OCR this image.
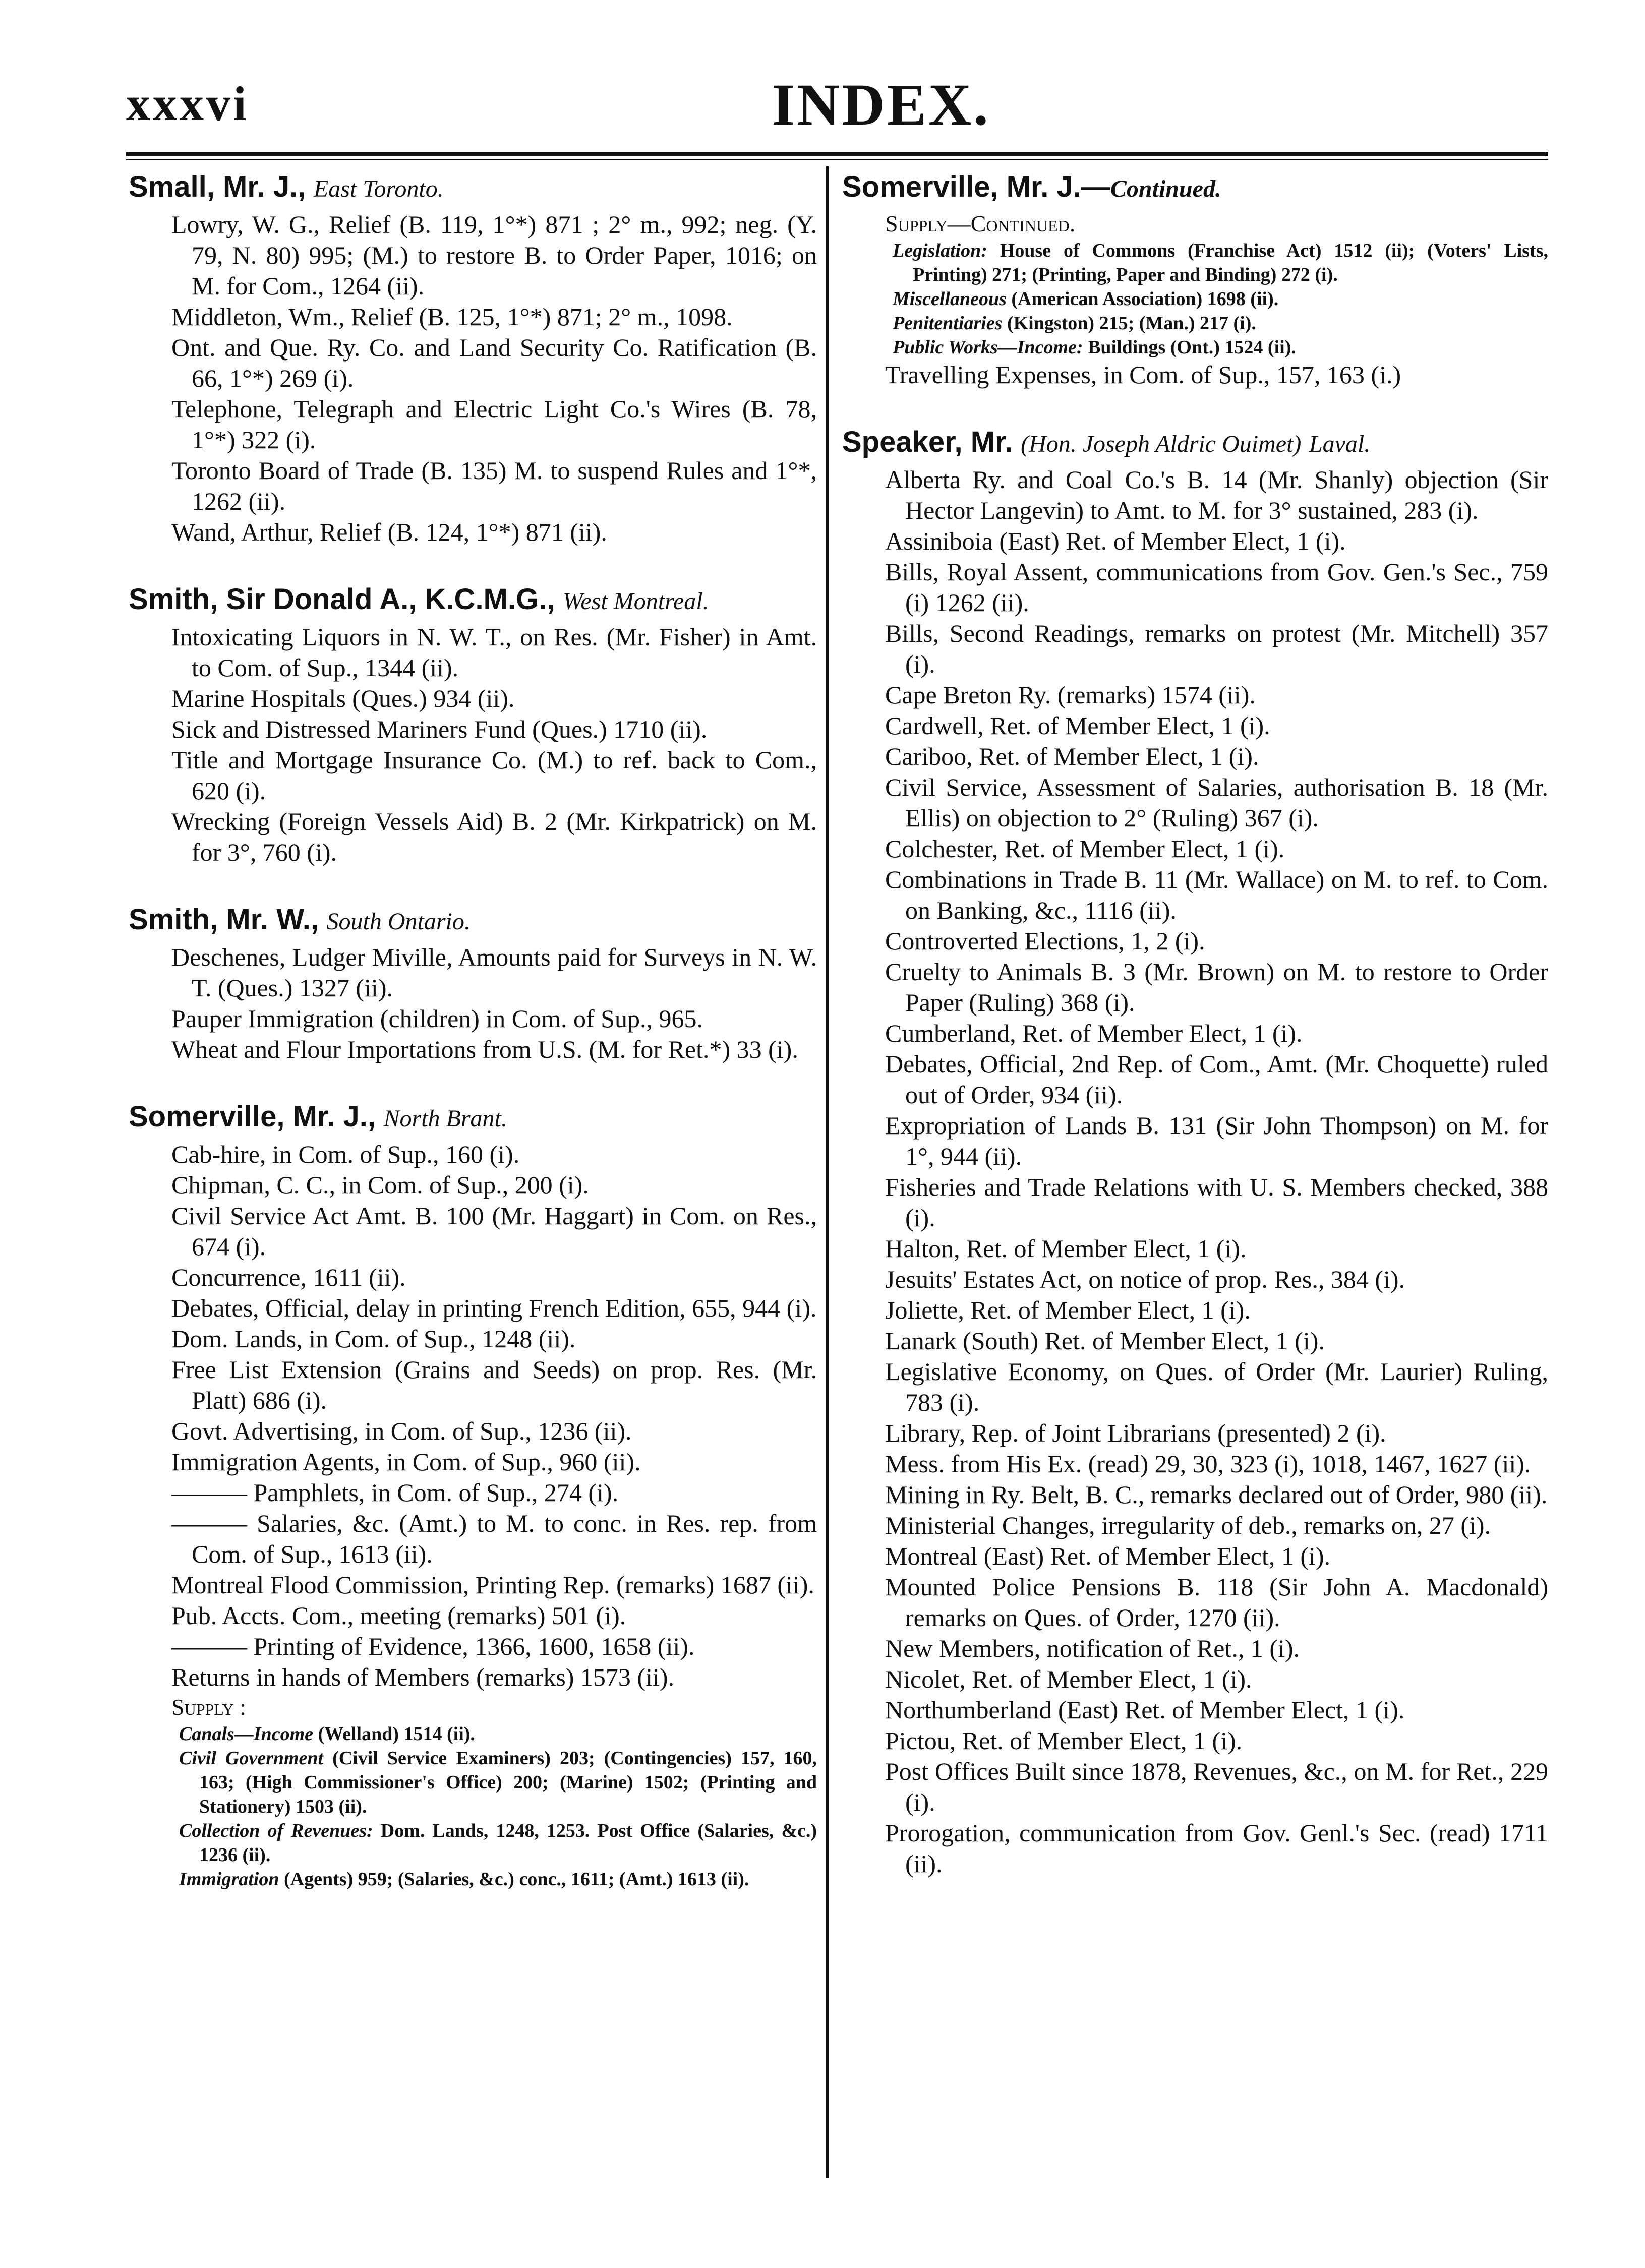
xxxvi	INDEX.
Small, Mr. J., East Toronto.
Lowry, W. G., Relief (B. 119, 1°*) 871 ; 2° m., 992; neg. (Y. 79, N. 80) 995; (M.) to restore B. to Order Paper, 1016; on M. for Com., 1264 (ii).
Middleton, Wm., Relief (B. 125, 1°*) 871; 2° m., 1098.
Ont. and Que. Ry. Co. and Land Security Co. Ratification (B. 66, 1°*) 269 (i).
Telephone, Telegraph and Electric Light Co.'s Wires (B. 78, 1°*) 322 (i).
Toronto Board of Trade (B. 135) M. to suspend Rules and 1°*, 1262 (ii).
Wand, Arthur, Relief (B. 124, 1°*) 871 (ii).
Smith, Sir Donald A., K.C.M.G., West Montreal.
Intoxicating Liquors in N. W. T., on Res. (Mr. Fisher) in Amt. to Com. of Sup., 1344 (ii).
Marine Hospitals (Ques.) 934 (ii).
Sick and Distressed Mariners Fund (Ques.) 1710 (ii).
Title and Mortgage Insurance Co. (M.) to ref. back to Com., 620 (i).
Wrecking (Foreign Vessels Aid) B. 2 (Mr. Kirkpatrick) on M. for 3°, 760 (i).
Smith, Mr. W., South Ontario.
Deschenes, Ludger Miville, Amounts paid for Surveys in N. W. T. (Ques.) 1327 (ii).
Pauper Immigration (children) in Com. of Sup., 965.
Wheat and Flour Importations from U.S. (M. for Ret.*) 33 (i).
Somerville, Mr. J., North Brant.
Cab-hire, in Com. of Sup., 160 (i).
Chipman, C. C., in Com. of Sup., 200 (i).
Civil Service Act Amt. B. 100 (Mr. Haggart) in Com. on Res., 674 (i).
Concurrence, 1611 (ii).
Debates, Official, delay in printing French Edition, 655, 944 (i).
Dom. Lands, in Com. of Sup., 1248 (ii).
Free List Extension (Grains and Seeds) on prop. Res. (Mr. Platt) 686 (i).
Govt. Advertising, in Com. of Sup., 1236 (ii).
Immigration Agents, in Com. of Sup., 960 (ii).
——— Pamphlets, in Com. of Sup., 274 (i).
——— Salaries, &c. (Amt.) to M. to conc. in Res. rep. from Com. of Sup., 1613 (ii).
Montreal Flood Commission, Printing Rep. (remarks) 1687 (ii).
Pub. Accts. Com., meeting (remarks) 501 (i).
——— Printing of Evidence, 1366, 1600, 1658 (ii).
Returns in hands of Members (remarks) 1573 (ii).
Supply :
Canals—Income (Welland) 1514 (ii).
Civil Government (Civil Service Examiners) 203; (Contingencies) 157, 160, 163; (High Commissioner's Office) 200; (Marine) 1502; (Printing and Stationery) 1503 (ii).
Collection of Revenues: Dom. Lands, 1248, 1253. Post Office (Salaries, &c.) 1236 (ii).
Immigration (Agents) 959; (Salaries, &c.) conc., 1611; (Amt.) 1613 (ii).
Somerville, Mr. J.—Continued.
Supply—Continued.
Legislation: House of Commons (Franchise Act) 1512 (ii); (Voters' Lists, Printing) 271; (Printing, Paper and Binding) 272 (i).
Miscellaneous (American Association) 1698 (ii).
Penitentiaries (Kingston) 215; (Man.) 217 (i).
Public Works—Income: Buildings (Ont.) 1524 (ii).
Travelling Expenses, in Com. of Sup., 157, 163 (i.)
Speaker, Mr. (Hon. Joseph Aldric Ouimet) Laval.
Alberta Ry. and Coal Co.'s B. 14 (Mr. Shanly) objection (Sir Hector Langevin) to Amt. to M. for 3° sustained, 283 (i).
Assiniboia (East) Ret. of Member Elect, 1 (i).
Bills, Royal Assent, communications from Gov. Gen.'s Sec., 759 (i) 1262 (ii).
Bills, Second Readings, remarks on protest (Mr. Mitchell) 357 (i).
Cape Breton Ry. (remarks) 1574 (ii).
Cardwell, Ret. of Member Elect, 1 (i).
Cariboo, Ret. of Member Elect, 1 (i).
Civil Service, Assessment of Salaries, authorisation B. 18 (Mr. Ellis) on objection to 2° (Ruling) 367 (i).
Colchester, Ret. of Member Elect, 1 (i).
Combinations in Trade B. 11 (Mr. Wallace) on M. to ref. to Com. on Banking, &c., 1116 (ii).
Controverted Elections, 1, 2 (i).
Cruelty to Animals B. 3 (Mr. Brown) on M. to restore to Order Paper (Ruling) 368 (i).
Cumberland, Ret. of Member Elect, 1 (i).
Debates, Official, 2nd Rep. of Com., Amt. (Mr. Choquette) ruled out of Order, 934 (ii).
Expropriation of Lands B. 131 (Sir John Thompson) on M. for 1°, 944 (ii).
Fisheries and Trade Relations with U. S. Members checked, 388 (i).
Halton, Ret. of Member Elect, 1 (i).
Jesuits' Estates Act, on notice of prop. Res., 384 (i).
Joliette, Ret. of Member Elect, 1 (i).
Lanark (South) Ret. of Member Elect, 1 (i).
Legislative Economy, on Ques. of Order (Mr. Laurier) Ruling, 783 (i).
Library, Rep. of Joint Librarians (presented) 2 (i).
Mess. from His Ex. (read) 29, 30, 323 (i), 1018, 1467, 1627 (ii).
Mining in Ry. Belt, B. C., remarks declared out of Order, 980 (ii).
Ministerial Changes, irregularity of deb., remarks on, 27 (i).
Montreal (East) Ret. of Member Elect, 1 (i).
Mounted Police Pensions B. 118 (Sir John A. Macdonald) remarks on Ques. of Order, 1270 (ii).
New Members, notification of Ret., 1 (i).
Nicolet, Ret. of Member Elect, 1 (i).
Northumberland (East) Ret. of Member Elect, 1 (i).
Pictou, Ret. of Member Elect, 1 (i).
Post Offices Built since 1878, Revenues, &c., on M. for Ret., 229 (i).
Prorogation, communication from Gov. Genl.'s Sec. (read) 1711 (ii).
